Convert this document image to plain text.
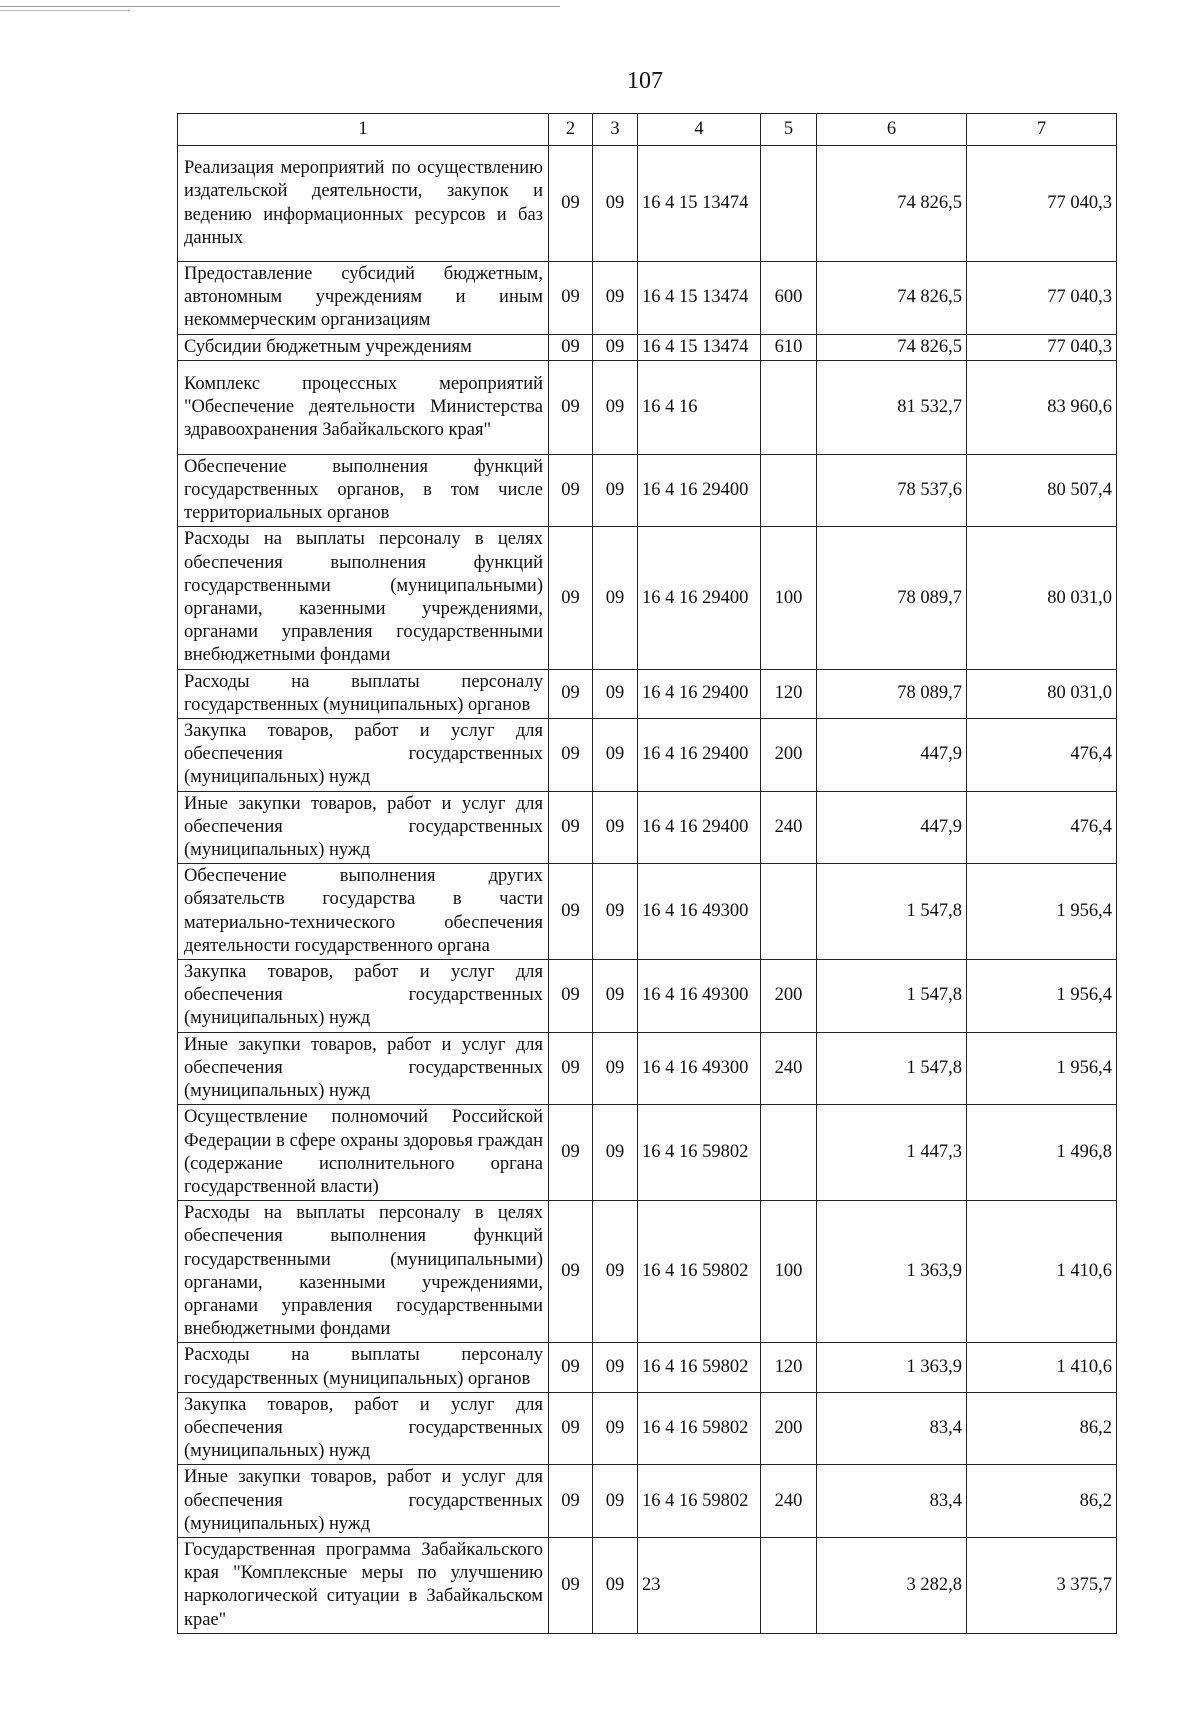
107
1	2	3	4	5	6	7
Реализация мероприятий по осуществлению издательской деятельности, закупок и ведению информационных ресурсов и баз данных	09	09	16 4 15 13474		74 826,5	77 040,3
Предоставление субсидий бюджетным, автономным учреждениям и иным некоммерческим организациям	09	09	16 4 15 13474	600	74 826,5	77 040,3
Субсидии бюджетным учреждениям	09	09	16 4 15 13474	610	74 826,5	77 040,3
Комплекс процессных мероприятий "Обеспечение деятельности Министерства здравоохранения Забайкальского края"	09	09	16 4 16		81 532,7	83 960,6
Обеспечение выполнения функций государственных органов, в том числе территориальных органов	09	09	16 4 16 29400		78 537,6	80 507,4
Расходы на выплаты персоналу в целях обеспечения выполнения функций государственными (муниципальными) органами, казенными учреждениями, органами управления государственными внебюджетными фондами	09	09	16 4 16 29400	100	78 089,7	80 031,0
Расходы на выплаты персоналу государственных (муниципальных) органов	09	09	16 4 16 29400	120	78 089,7	80 031,0
Закупка товаров, работ и услуг для обеспечения государственных (муниципальных) нужд	09	09	16 4 16 29400	200	447,9	476,4
Иные закупки товаров, работ и услуг для обеспечения государственных (муниципальных) нужд	09	09	16 4 16 29400	240	447,9	476,4
Обеспечение выполнения других обязательств государства в части материально-технического обеспечения деятельности государственного органа	09	09	16 4 16 49300		1 547,8	1 956,4
Закупка товаров, работ и услуг для обеспечения государственных (муниципальных) нужд	09	09	16 4 16 49300	200	1 547,8	1 956,4
Иные закупки товаров, работ и услуг для обеспечения государственных (муниципальных) нужд	09	09	16 4 16 49300	240	1 547,8	1 956,4
Осуществление полномочий Российской Федерации в сфере охраны здоровья граждан (содержание исполнительного органа государственной власти)	09	09	16 4 16 59802		1 447,3	1 496,8
Расходы на выплаты персоналу в целях обеспечения выполнения функций государственными (муниципальными) органами, казенными учреждениями, органами управления государственными внебюджетными фондами	09	09	16 4 16 59802	100	1 363,9	1 410,6
Расходы на выплаты персоналу государственных (муниципальных) органов	09	09	16 4 16 59802	120	1 363,9	1 410,6
Закупка товаров, работ и услуг для обеспечения государственных (муниципальных) нужд	09	09	16 4 16 59802	200	83,4	86,2
Иные закупки товаров, работ и услуг для обеспечения государственных (муниципальных) нужд	09	09	16 4 16 59802	240	83,4	86,2
Государственная программа Забайкальского края "Комплексные меры по улучшению наркологической ситуации в Забайкальском крае"	09	09	23		3 282,8	3 375,7
